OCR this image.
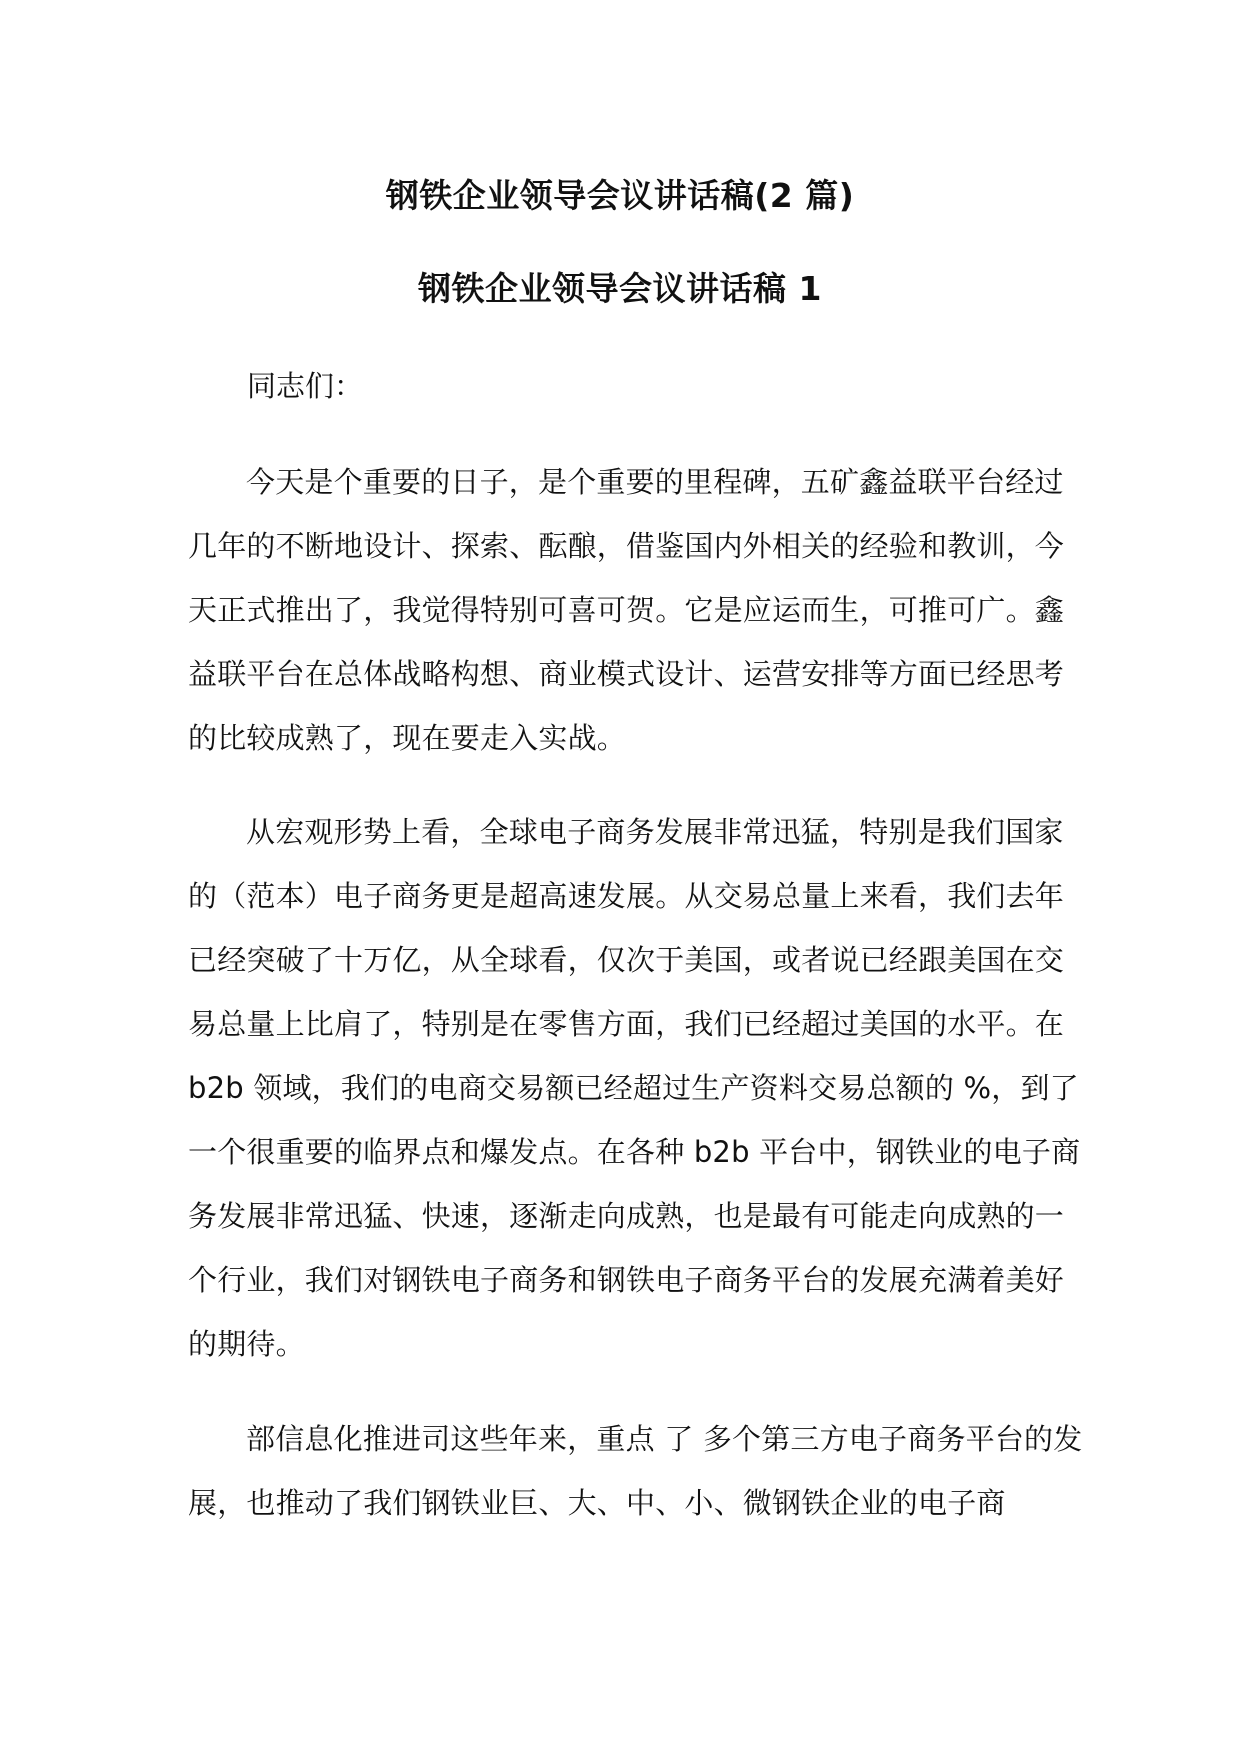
钢铁企业领导会议讲话稿(2 篇)
钢铁企业领导会议讲话稿 1

同志们：

今天是个重要的日子，是个重要的里程碑，五矿鑫益联平台经过几年的不断地设计、探索、酝酿，借鉴国内外相关的经验和教训，今天正式推出了，我觉得特别可喜可贺。它是应运而生，可推可广。鑫益联平台在总体战略构想、商业模式设计、运营安排等方面已经思考的比较成熟了，现在要走入实战。

从宏观形势上看，全球电子商务发展非常迅猛，特别是我们国家的（范本）电子商务更是超高速发展。从交易总量上来看，我们去年已经突破了十万亿，从全球看，仅次于美国，或者说已经跟美国在交易总量上比肩了，特别是在零售方面，我们已经超过美国的水平。在 b2b 领域，我们的电商交易额已经超过生产资料交易总额的 %，到了一个很重要的临界点和爆发点。在各种 b2b 平台中，钢铁业的电子商务发展非常迅猛、快速，逐渐走向成熟，也是最有可能走向成熟的一个行业，我们对钢铁电子商务和钢铁电子商务平台的发展充满着美好的期待。

部信息化推进司这些年来，重点 了 多个第三方电子商务平台的发展，也推动了我们钢铁业巨、大、中、小、微钢铁企业的电子商
